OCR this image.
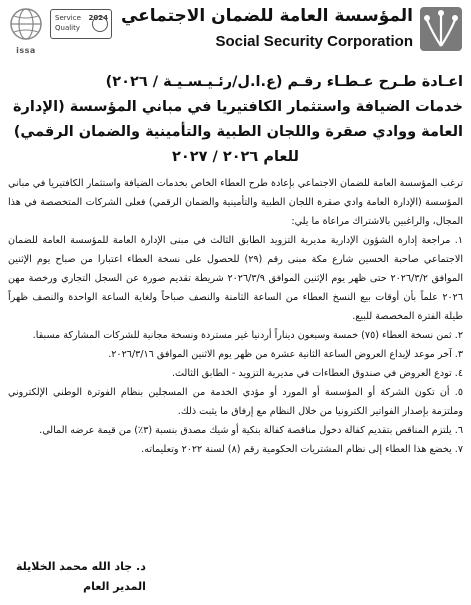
issa
Service
Quality
2024 المؤسسة العامة للضمان الاجتماعي
Social Security Corporation

اعـادة طـرح عـطـاء رقـم (ع.ا.ل/رئـيـسـيـة / ٢٠٢٦)

خدمات الضيافة واستثمار الكافتيريا في مباني المؤسسة (الإدارة

العامة ووادي صقرة واللجان الطبية والتأمينية والضمان الرقمي)

للعام ٢٠٢٦ / ٢٠٢٧

ترغب المؤسسة العامة للضمان الاجتماعي بإعادة طرح العطاء الخاص بخدمات الضيافة واستثمار الكافتيريا في مباني المؤسسة (الإدارة العامة وادي صقرة اللجان الطبية والتأمينية والضمان الرقمي) فعلى الشركات المتخصصة في هذا المجال، والراغبين بالاشتراك مراعاة ما يلي:
١. مراجعة إدارة الشؤون الإدارية مديرية التزويد الطابق الثالث في مبنى الإدارة العامة للمؤسسة العامة للضمان الاجتماعي صاحبة الحسين شارع مكة مبنى رقم (٢٩) للحصول على نسخة العطاء اعتبارا من صباح يوم الإثنين الموافق ٢٠٢٦/٣/٢ حتى ظهر يوم الإثنين الموافق ٢٠٢٦/٣/٩ شريطة تقديم صورة عن السجل التجاري ورخصة مهن ٢٠٢٦ علماً بأن أوقات بيع النسخ العطاء من الساعة الثامنة والنصف صباحاً ولغاية الساعة الواحدة والنصف ظهراً طيلة الفترة المخصصة للبيع.
٢. ثمن نسخة العطاء (٧٥) خمسة وسبعون ديناراً أردنيا غير مستردة ونسخة مجانية للشركات المشاركة مسبقا.
٣. آخر موعد لإيداع العروض الساعة الثانية عشرة من ظهر يوم الاثنين الموافق ٢٠٢٦/٣/١٦.
٤. تودع العروض في صندوق العطاءات في مديرية التزويد - الطابق الثالث.
٥. أن تكون الشركة أو المؤسسة أو المورد أو مؤدي الخدمة من المسجلين بنظام الفوترة الوطني الإلكتروني وملتزمة بإصدار الفواتير الكترونيا من خلال النظام مع إرفاق ما يثبت ذلك.
٦. يلتزم المناقص بتقديم كفالة دخول مناقصة كفالة بنكية أو شيك مصدق بنسبة (٣٪) من قيمة عرضه المالي.
٧. يخضع هذا العطاء إلى نظام المشتريات الحكومية رقم (٨) لسنة ٢٠٢٢ وتعليماته.
د. جاد الله محمد الخلايلة
المدير العام
